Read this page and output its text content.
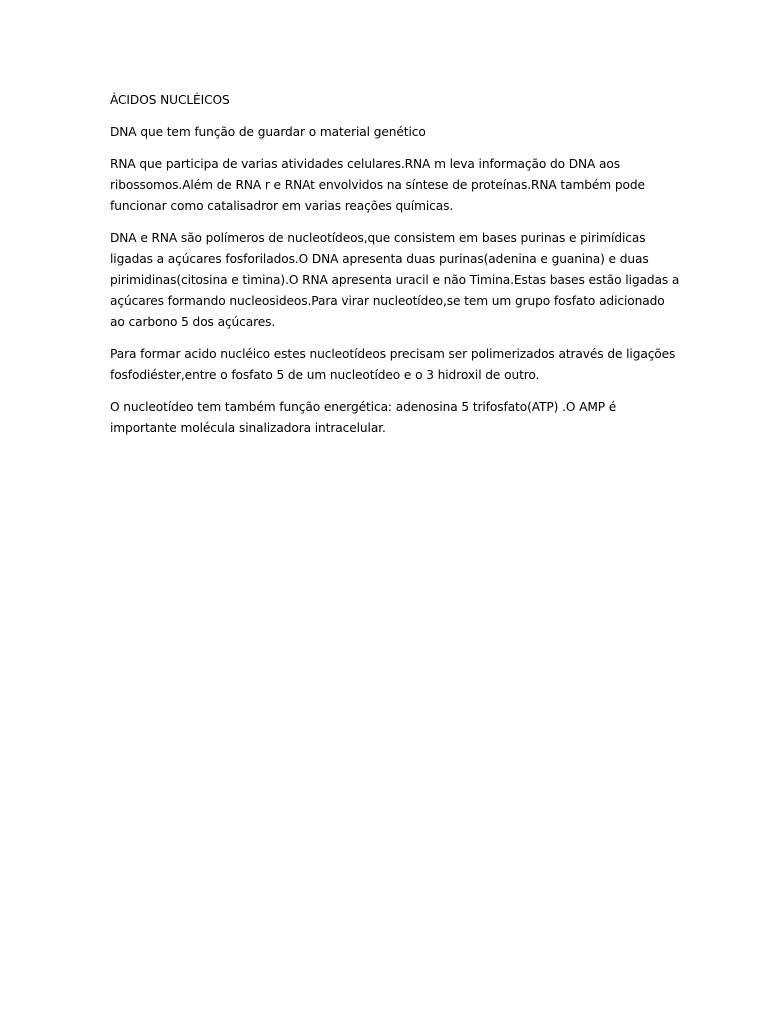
ÁCIDOS NUCLÉICOS

DNA que tem função de guardar o material genético

RNA que participa de varias atividades celulares.RNA m leva informação do DNA aos
ribossomos.Além de RNA r e RNAt envolvidos na síntese de proteínas.RNA também pode
funcionar como catalisadror em varias reações químicas.

DNA e RNA são polímeros de nucleotídeos,que consistem em bases purinas e pirimídicas
ligadas a açúcares fosforilados.O DNA apresenta duas purinas(adenina e guanina) e duas
pirimidinas(citosina e timina).O RNA apresenta uracil e não Timina.Estas bases estão ligadas a
açúcares formando nucleosideos.Para virar nucleotídeo,se tem um grupo fosfato adicionado
ao carbono 5 dos açúcares.

Para formar acido nucléico estes nucleotídeos precisam ser polimerizados através de ligações
fosfodiéster,entre o fosfato 5 de um nucleotídeo e o 3 hidroxil de outro.

O nucleotídeo tem também função energética: adenosina 5 trifosfato(ATP) .O AMP é
importante molécula sinalizadora intracelular.
